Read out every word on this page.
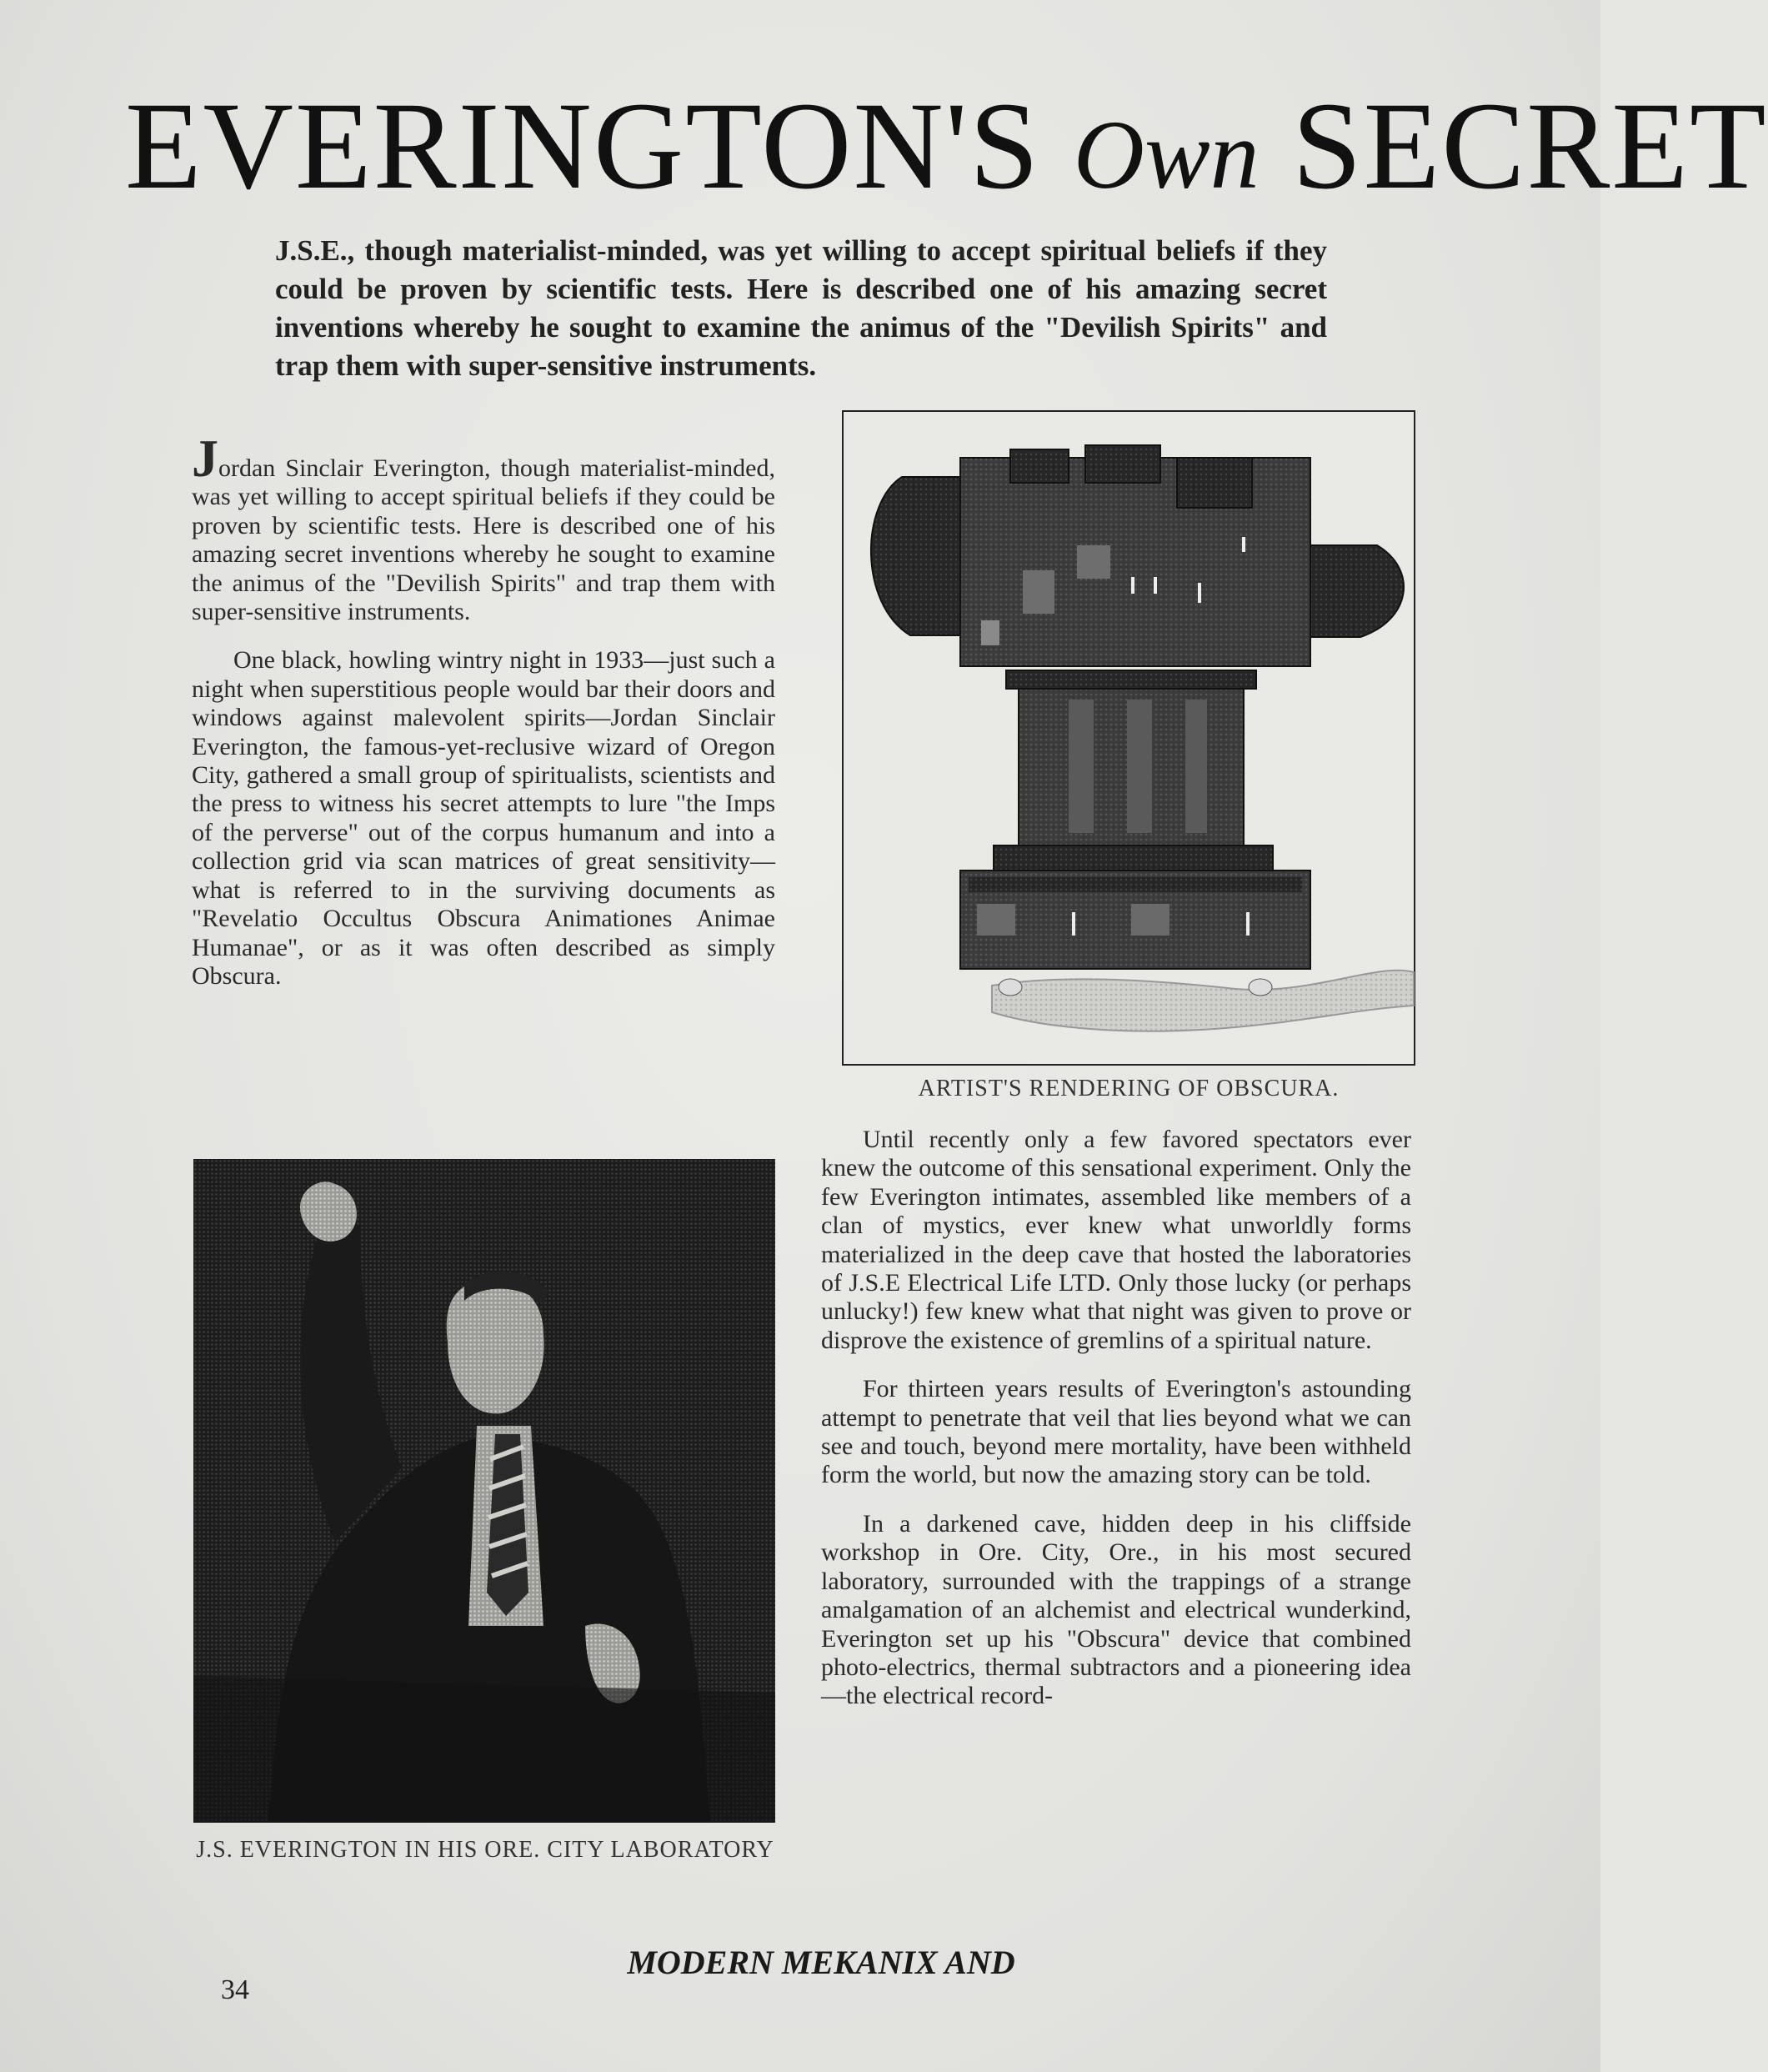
EVERINGTON'S Own SECRET
J.S.E., though materialist-minded, was yet willing to accept spiritual beliefs if they could be proven by scientific tests. Here is described one of his amazing secret inventions whereby he sought to examine the animus of the "Devilish Spirits" and trap them with super-sensitive instruments.

Jordan Sinclair Everington, though materialist-minded, was yet willing to accept spiritual beliefs if they could be proven by scientific tests. Here is described one of his amazing secret inventions whereby he sought to examine the animus of the "Devilish Spirits" and trap them with super-sensitive instruments.

One black, howling wintry night in 1933—just such a night when superstitious people would bar their doors and windows against malevolent spirits—Jordan Sinclair Everington, the famous-yet-reclusive wizard of Oregon City, gathered a small group of spiritualists, scientists and the press to witness his secret attempts to lure "the Imps of the perverse" out of the corpus humanum and into a collection grid via scan matrices of great sensitivity—what is referred to in the surviving documents as "Revelatio Occultus Obscura Animationes Animae Humanae", or as it was often described as simply Obscura.

ARTIST'S RENDERING OF OBSCURA.
J.S. EVERINGTON IN HIS ORE. CITY LABORATORY

Until recently only a few favored spectators ever knew the outcome of this sensational experiment. Only the few Everington intimates, assembled like members of a clan of mystics, ever knew what unworldly forms materialized in the deep cave that hosted the laboratories of J.S.E Electrical Life LTD. Only those lucky (or perhaps unlucky!) few knew what that night was given to prove or disprove the existence of gremlins of a spiritual nature.

For thirteen years results of Everington's astounding attempt to penetrate that veil that lies beyond what we can see and touch, beyond mere mortality, have been withheld form the world, but now the amazing story can be told.

In a darkened cave, hidden deep in his cliffside workshop in Ore. City, Ore., in his most secured laboratory, surrounded with the trappings of a strange amalgamation of an alchemist and electrical wunderkind, Everington set up his "Obscura" device that combined photo-electrics, thermal subtractors and a pioneering idea—the electrical record-

MODERN MEKANIX AND
34
